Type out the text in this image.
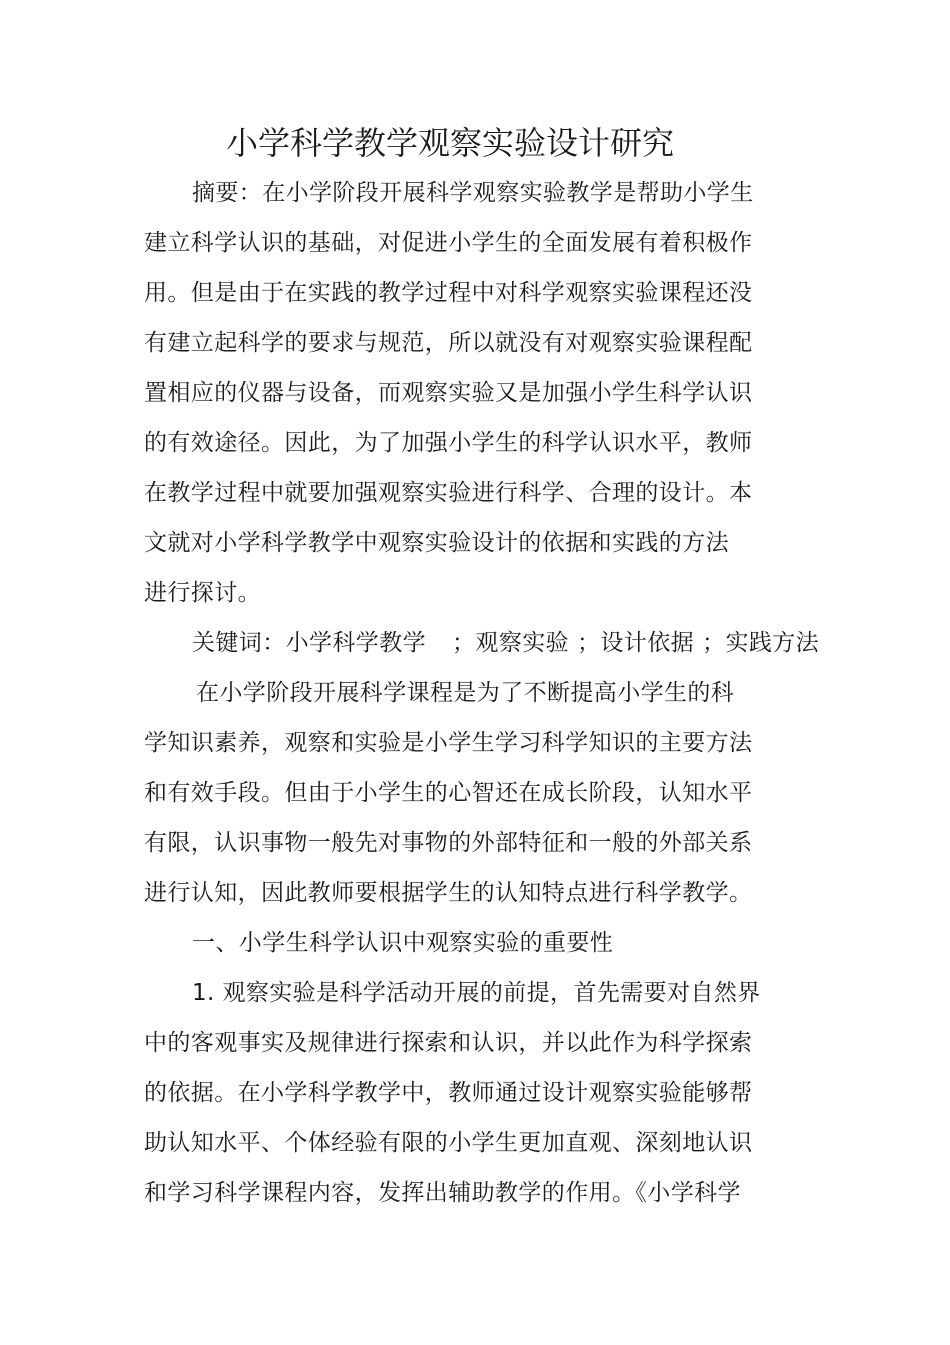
小学科学教学观察实验设计研究
摘要：在小学阶段开展科学观察实验教学是帮助小学生
建立科学认识的基础，对促进小学生的全面发展有着积极作
用。但是由于在实践的教学过程中对科学观察实验课程还没
有建立起科学的要求与规范，所以就没有对观察实验课程配
置相应的仪器与设备，而观察实验又是加强小学生科学认识
的有效途径。因此，为了加强小学生的科学认识水平，教师
在教学过程中就要加强观察实验进行科学、合理的设计。本
文就对小学科学教学中观察实验设计的依据和实践的方法
进行探讨。
关键词：小学科学教学 ；观察实验 ；设计依据 ；实践方法
在小学阶段开展科学课程是为了不断提高小学生的科
学知识素养，观察和实验是小学生学习科学知识的主要方法
和有效手段。但由于小学生的心智还在成长阶段，认知水平
有限，认识事物一般先对事物的外部特征和一般的外部关系
进行认知，因此教师要根据学生的认知特点进行科学教学。
一、小学生科学认识中观察实验的重要性
1. 观察实验是科学活动开展的前提，首先需要对自然界
中的客观事实及规律进行探索和认识，并以此作为科学探索
的依据。在小学科学教学中，教师通过设计观察实验能够帮
助认知水平、个体经验有限的小学生更加直观、深刻地认识
和学习科学课程内容，发挥出辅助教学的作用。《小学科学
